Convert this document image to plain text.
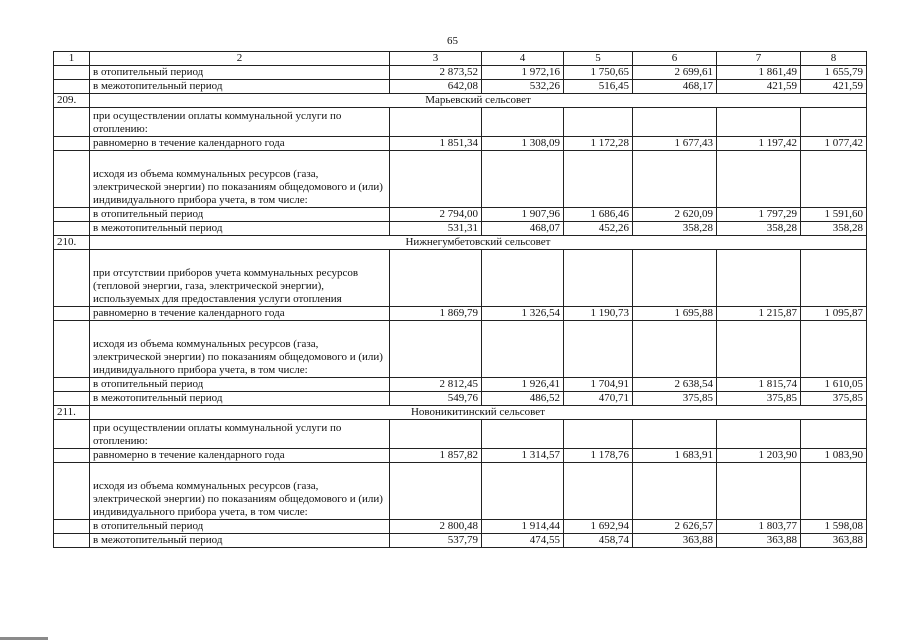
65
1	2	3	4	5	6	7	8
	в отопительный период	2 873,52	1 972,16	1 750,65	2 699,61	1 861,49	1 655,79
	в межотопительный период	642,08	532,26	516,45	468,17	421,59	421,59
209.	Марьевский сельсовет						
	при осуществлении оплаты коммунальной услуги по отоплению:						
	равномерно в течение календарного года	1 851,34	1 308,09	1 172,28	1 677,43	1 197,42	1 077,42
	исходя из объема коммунальных ресурсов (газа, электрической энергии) по показаниям общедомового и (или) индивидуального прибора учета, в том числе:						
	в отопительный период	2 794,00	1 907,96	1 686,46	2 620,09	1 797,29	1 591,60
	в межотопительный период	531,31	468,07	452,26	358,28	358,28	358,28
210.	Нижнегумбетовский сельсовет						
	при отсутствии приборов учета коммунальных ресурсов (тепловой энергии, газа, электрической энергии), используемых для предоставления услуги отопления						
	равномерно в течение календарного года	1 869,79	1 326,54	1 190,73	1 695,88	1 215,87	1 095,87
	исходя из объема коммунальных ресурсов (газа, электрической энергии) по показаниям общедомового и (или) индивидуального прибора учета, в том числе:						
	в отопительный период	2 812,45	1 926,41	1 704,91	2 638,54	1 815,74	1 610,05
	в межотопительный период	549,76	486,52	470,71	375,85	375,85	375,85
211.	Новоникитинский сельсовет						
	при осуществлении оплаты коммунальной услуги по отоплению:						
	равномерно в течение календарного года	1 857,82	1 314,57	1 178,76	1 683,91	1 203,90	1 083,90
	исходя из объема коммунальных ресурсов (газа, электрической энергии) по показаниям общедомового и (или) индивидуального прибора учета, в том числе:						
	в отопительный период	2 800,48	1 914,44	1 692,94	2 626,57	1 803,77	1 598,08
	в межотопительный период	537,79	474,55	458,74	363,88	363,88	363,88
